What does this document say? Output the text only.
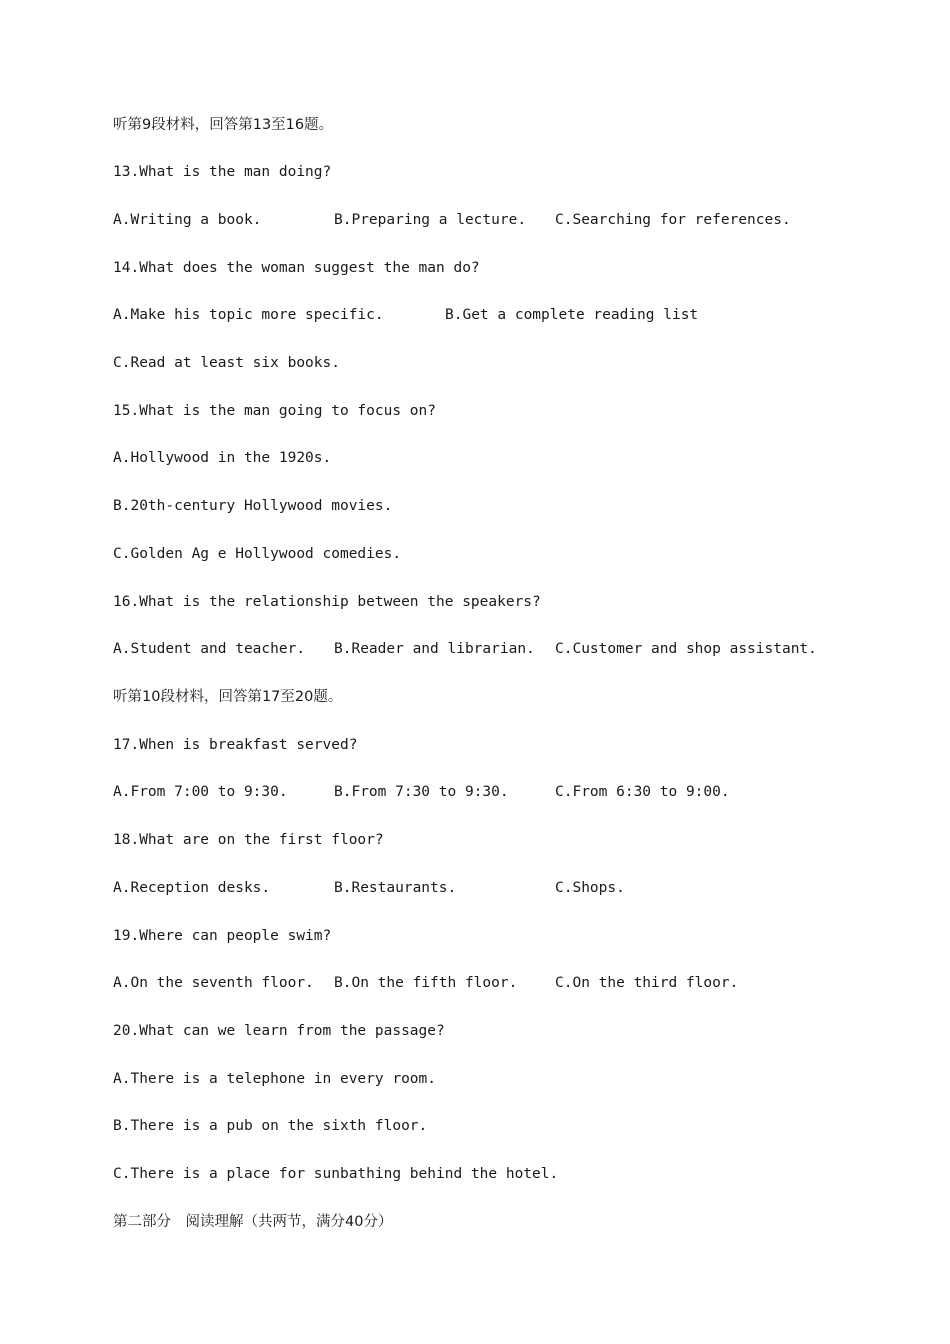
听第9段材料，回答第13至16题。
13.What is the man doing?
A.Writing a book.	B.Preparing a lecture. C.Searching for references.
14.What does the woman suggest the man do?
A.Make his topic more specific.	B.Get a complete reading list
C.Read at least six books.
15.What is the man going to focus on?
A.Hollywood in the 1920s.
B.20th-century Hollywood movies.
C.Golden Ag e Hollywood comedies.
16.What is the relationship between the speakers?
A.Student and teacher. B.Reader and librarian. C.Customer and shop assistant.
听第10段材料，回答第17至20题。
17.When is breakfast served?
A.From 7:00 to 9:30.	B.From 7:30 to 9:30.	C.From 6:30 to 9:00.
18.What are on the first floor?
A.Reception desks.	B.Restaurants.	C.Shops.
19.Where can people swim?
A.On the seventh floor. B.On the fifth floor.	C.On the third floor.
20.What can we learn from the passage?
A.There is a telephone in every room.
B.There is a pub on the sixth floor.
C.There is a place for sunbathing behind the hotel.
第二部分　阅读理解（共两节，满分40分）
